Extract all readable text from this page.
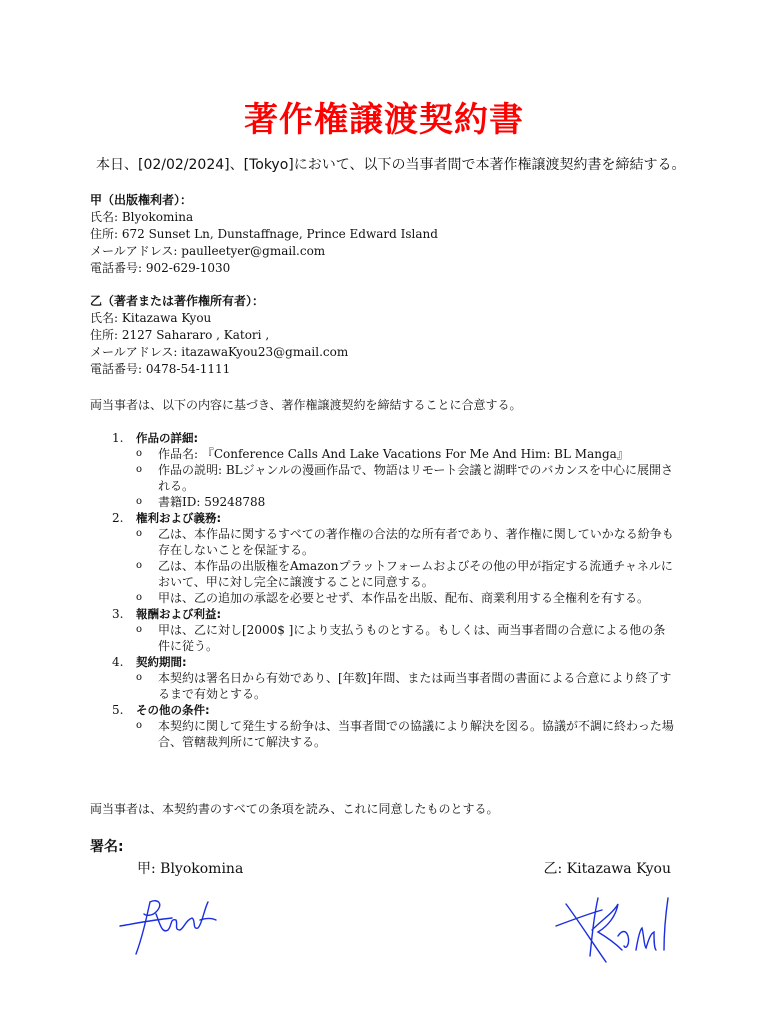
著作権譲渡契約書
本日、[02/02/2024]、[Tokyo]において、以下の当事者間で本著作権譲渡契約書を締結する。
甲（出版権利者）：
氏名: Blyokomina
住所: 672 Sunset Ln, Dunstaffnage, Prince Edward Island
メールアドレス: paulleetyer@gmail.com
電話番号: 902-629-1030
乙（著者または著作権所有者）：
氏名: Kitazawa Kyou
住所: 2127 Sahararo , Katori ,
メールアドレス: itazawaKyou23@gmail.com
電話番号: 0478-54-1111
両当事者は、以下の内容に基づき、著作権譲渡契約を締結することに合意する。
1. 作品の詳細:
o 作品名: 『Conference Calls And Lake Vacations For Me And Him: BL Manga』
o 作品の説明: BLジャンルの漫画作品で、物語はリモート会議と湖畔でのバカンスを中心に展開される。
o 書籍ID: 59248788
2. 権利および義務:
o 乙は、本作品に関するすべての著作権の合法的な所有者であり、著作権に関していかなる紛争も存在しないことを保証する。
o 乙は、本作品の出版権をAmazonプラットフォームおよびその他の甲が指定する流通チャネルにおいて、甲に対し完全に譲渡することに同意する。
o 甲は、乙の追加の承認を必要とせず、本作品を出版、配布、商業利用する全権利を有する。
3. 報酬および利益:
o 甲は、乙に対し[2000$ ]により支払うものとする。もしくは、両当事者間の合意による他の条件に従う。
4. 契約期間:
o 本契約は署名日から有効であり、[年数]年間、または両当事者間の書面による合意により終了するまで有効とする。
5. その他の条件:
o 本契約に関して発生する紛争は、当事者間での協議により解決を図る。協議が不調に終わった場合、管轄裁判所にて解決する。
両当事者は、本契約書のすべての条項を読み、これに同意したものとする。
署名:
甲: Blyokomina	乙: Kitazawa Kyou
